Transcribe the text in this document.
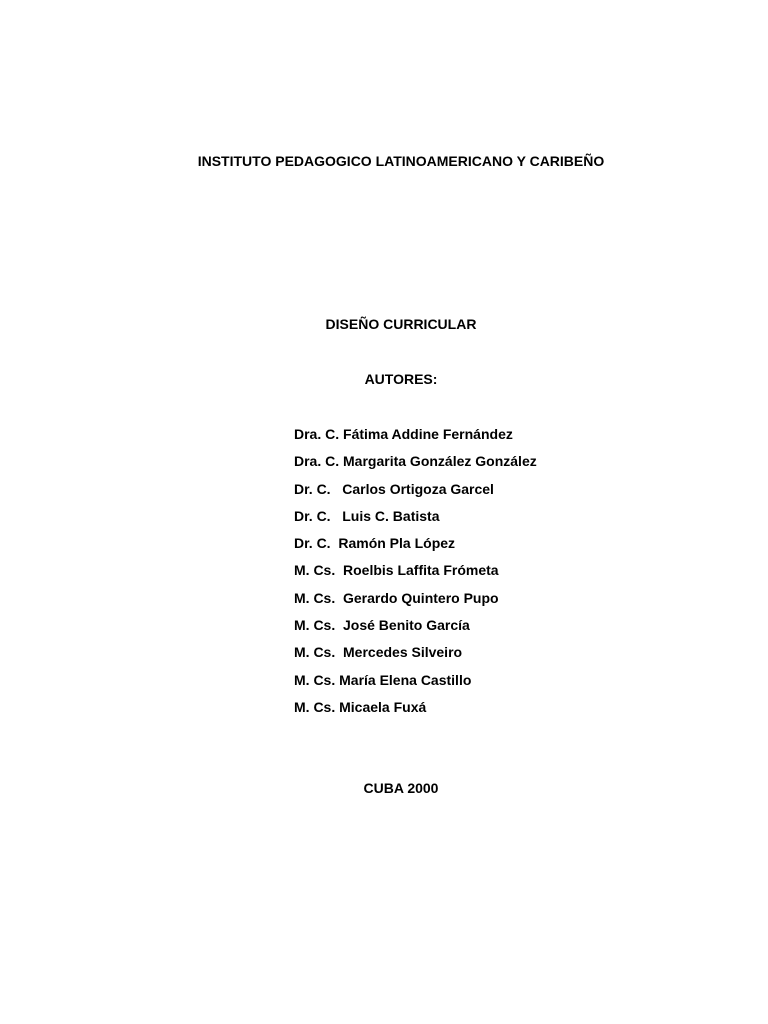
INSTITUTO PEDAGOGICO LATINOAMERICANO Y CARIBEÑO
DISEÑO CURRICULAR
AUTORES:
Dra. C. Fátima Addine Fernández
Dra. C. Margarita González González
Dr. C.   Carlos Ortigoza Garcel
Dr. C.   Luis C. Batista
Dr. C.  Ramón Pla López
M. Cs.  Roelbis Laffita Frómeta
M. Cs.  Gerardo Quintero Pupo
M. Cs.  José Benito García
M. Cs.  Mercedes Silveiro
M. Cs. María Elena Castillo
M. Cs. Micaela Fuxá
CUBA 2000
